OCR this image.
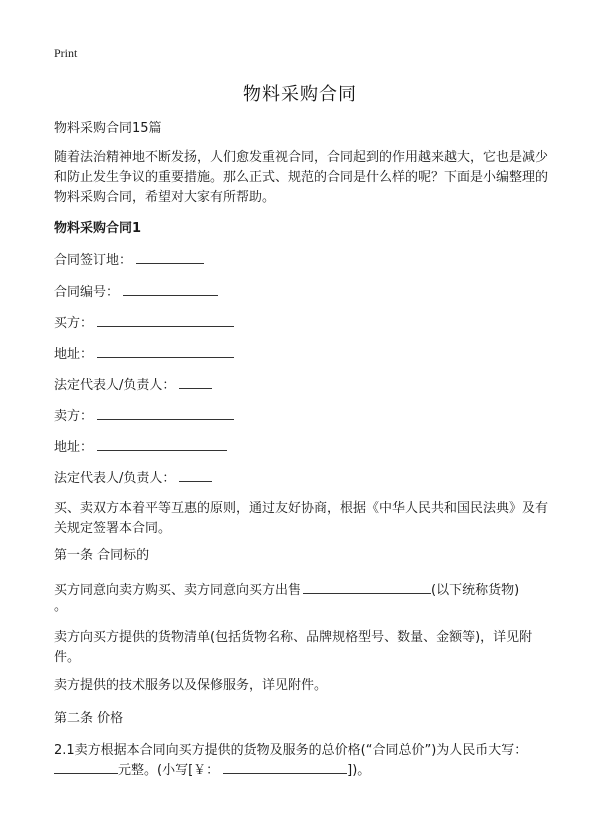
Print
物料采购合同
物料采购合同15篇
随着法治精神地不断发扬，人们愈发重视合同，合同起到的作用越来越大，它也是减少和防止发生争议的重要措施。那么正式、规范的合同是什么样的呢？下面是小编整理的物料采购合同，希望对大家有所帮助。
物料采购合同1
合同签订地：
合同编号：
买方：
地址：
法定代表人/负责人：
卖方：
地址：
法定代表人/负责人：
买、卖双方本着平等互惠的原则，通过友好协商，根据《中华人民共和国民法典》及有关规定签署本合同。
第一条 合同标的
买方同意向卖方购买、卖方同意向买方出售	(以下统称货物)
。
卖方向买方提供的货物清单(包括货物名称、品牌规格型号、数量、金额等)，详见附件。
卖方提供的技术服务以及保修服务，详见附件。
第二条 价格
2.1卖方根据本合同向买方提供的货物及服务的总价格(“合同总价”)为人民币大写：
元整。(小写[￥：	])。
